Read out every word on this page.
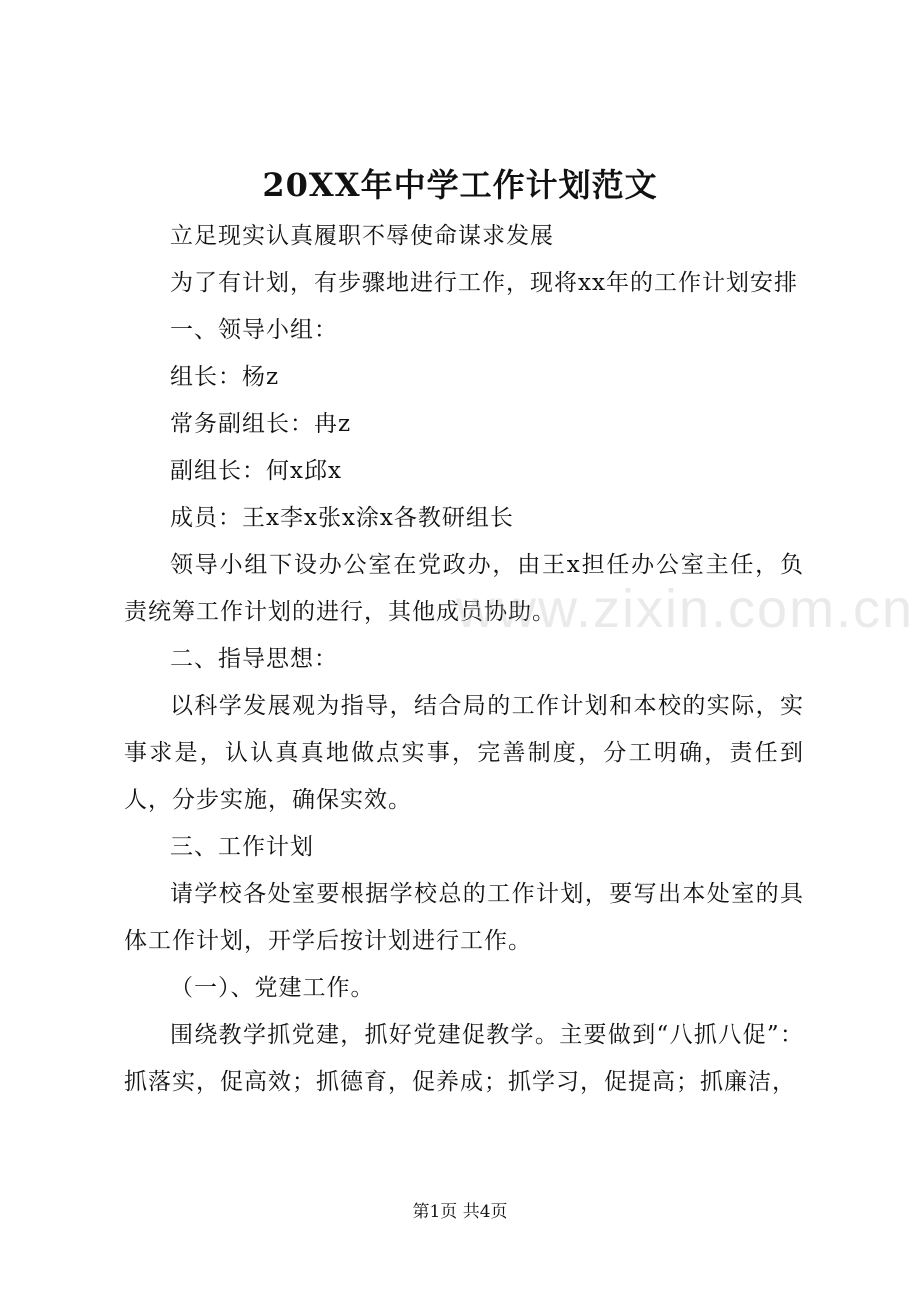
20XX年中学工作计划范文

立足现实认真履职不辱使命谋求发展

为了有计划，有步骤地进行工作，现将xx年的工作计划安排

一、领导小组：

组长：杨z

常务副组长：冉z

副组长：何x邱x

成员：王x李x张x涂x各教研组长

领导小组下设办公室在党政办，由王x担任办公室主任，负责统筹工作计划的进行，其他成员协助。

二、指导思想：

以科学发展观为指导，结合局的工作计划和本校的实际，实事求是，认认真真地做点实事，完善制度，分工明确，责任到人，分步实施，确保实效。

三、工作计划

请学校各处室要根据学校总的工作计划，要写出本处室的具体工作计划，开学后按计划进行工作。

（一）、党建工作。

围绕教学抓党建，抓好党建促教学。主要做到“八抓八促”：抓落实，促高效；抓德育，促养成；抓学习，促提高；抓廉洁，

www.zixin.com.cn
第1页 共4页
